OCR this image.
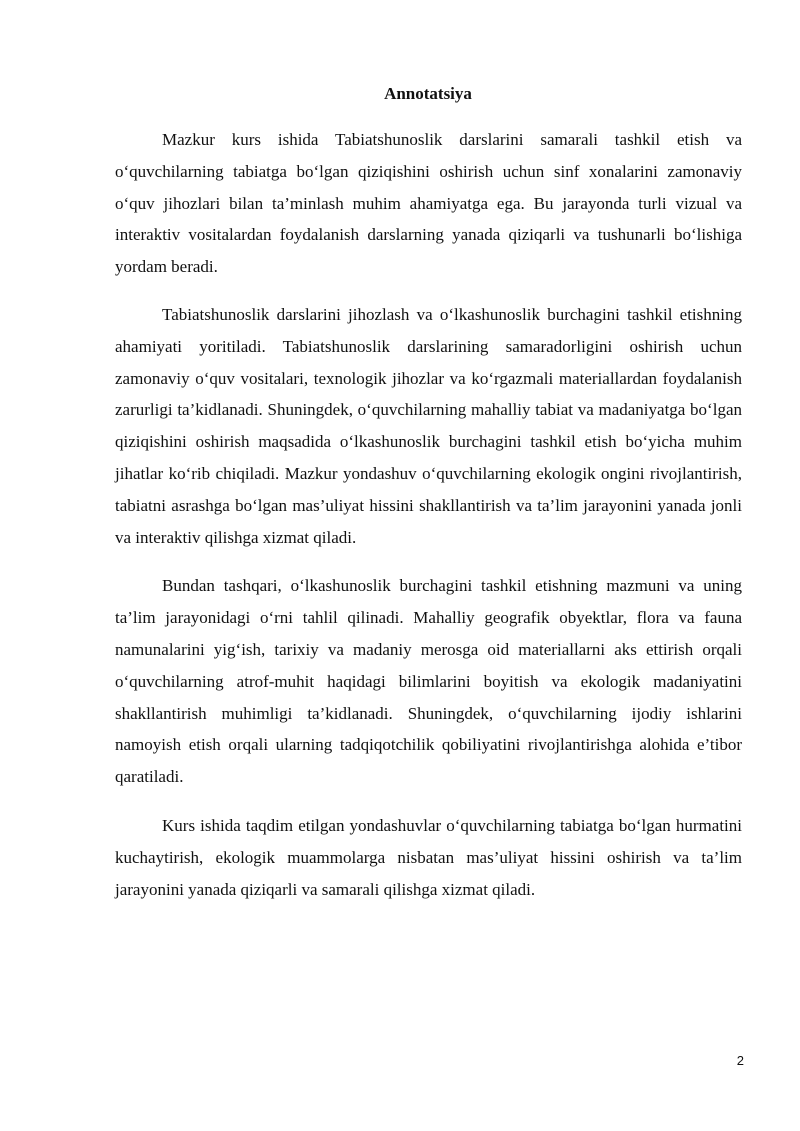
Annotatsiya

Mazkur kurs ishida Tabiatshunoslik darslarini samarali tashkil etish va o‘quvchilarning tabiatga bo‘lgan qiziqishini oshirish uchun sinf xonalarini zamonaviy o‘quv jihozlari bilan ta’minlash muhim ahamiyatga ega. Bu jarayonda turli vizual va interaktiv vositalardan foydalanish darslarning yanada qiziqarli va tushunarli bo‘lishiga yordam beradi.

Tabiatshunoslik darslarini jihozlash va o‘lkashunoslik burchagini tashkil etishning ahamiyati yoritiladi. Tabiatshunoslik darslarining samaradorligini oshirish uchun zamonaviy o‘quv vositalari, texnologik jihozlar va ko‘rgazmali materiallardan foydalanish zarurligi ta’kidlanadi. Shuningdek, o‘quvchilarning mahalliy tabiat va madaniyatga bo‘lgan qiziqishini oshirish maqsadida o‘lkashunoslik burchagini tashkil etish bo‘yicha muhim jihatlar ko‘rib chiqiladi. Mazkur yondashuv o‘quvchilarning ekologik ongini rivojlantirish, tabiatni asrashga bo‘lgan mas’uliyat hissini shakllantirish va ta’lim jarayonini yanada jonli va interaktiv qilishga xizmat qiladi.

Bundan tashqari, o‘lkashunoslik burchagini tashkil etishning mazmuni va uning ta’lim jarayonidagi o‘rni tahlil qilinadi. Mahalliy geografik obyektlar, flora va fauna namunalarini yig‘ish, tarixiy va madaniy merosga oid materiallarni aks ettirish orqali o‘quvchilarning atrof-muhit haqidagi bilimlarini boyitish va ekologik madaniyatini shakllantirish muhimligi ta’kidlanadi. Shuningdek, o‘quvchilarning ijodiy ishlarini namoyish etish orqali ularning tadqiqotchilik qobiliyatini rivojlantirishga alohida e’tibor qaratiladi.

Kurs ishida taqdim etilgan yondashuvlar o‘quvchilarning tabiatga bo‘lgan hurmatini kuchaytirish, ekologik muammolarga nisbatan mas’uliyat hissini oshirish va ta’lim jarayonini yanada qiziqarli va samarali qilishga xizmat qiladi.

2
